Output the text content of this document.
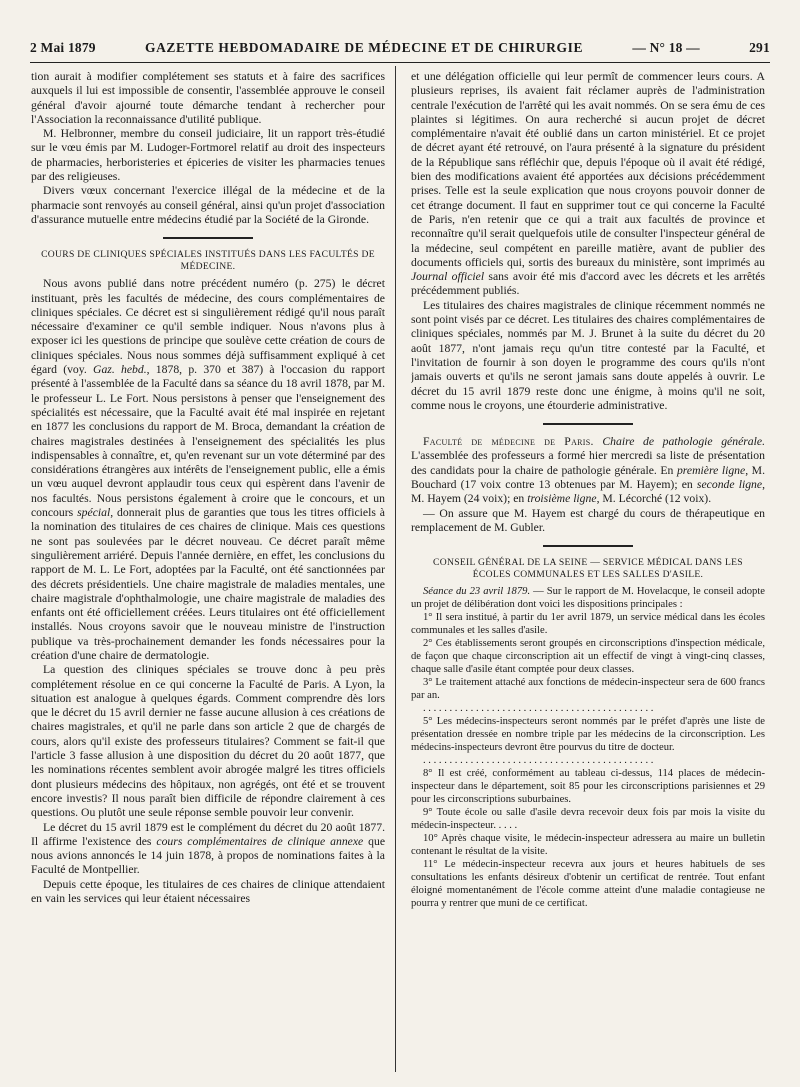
2 Mai 1879	GAZETTE HEBDOMADAIRE DE MÉDECINE ET DE CHIRURGIE	— N° 18 —	291

tion aurait à modifier complétement ses statuts et à faire des sacrifices auxquels il lui est impossible de consentir, l'assemblée approuve le conseil général d'avoir ajourné toute démarche tendant à rechercher pour l'Association la reconnaissance d'utilité publique.

M. Helbronner, membre du conseil judiciaire, lit un rapport très-étudié sur le vœu émis par M. Ludoger-Fortmorel relatif au droit des inspecteurs de pharmacies, herboristeries et épiceries de visiter les pharmacies tenues par des religieuses.

Divers vœux concernant l'exercice illégal de la médecine et de la pharmacie sont renvoyés au conseil général, ainsi qu'un projet d'association d'assurance mutuelle entre médecins étudié par la Société de la Gironde.

COURS DE CLINIQUES SPÉCIALES INSTITUÉS DANS LES FACULTÉS DE MÉDECINE.

Nous avons publié dans notre précédent numéro (p. 275) le décret instituant, près les facultés de médecine, des cours complémentaires de cliniques spéciales. Ce décret est si singulièrement rédigé qu'il nous paraît nécessaire d'examiner ce qu'il semble indiquer. Nous n'avons plus à exposer ici les questions de principe que soulève cette création de cours de cliniques spéciales. Nous nous sommes déjà suffisamment expliqué à cet égard (voy. Gaz. hebd., 1878, p. 370 et 387) à l'occasion du rapport présenté à l'assemblée de la Faculté dans sa séance du 18 avril 1878, par M. le professeur L. Le Fort. Nous persistons à penser que l'enseignement des spécialités est nécessaire, que la Faculté avait été mal inspirée en rejetant en 1877 les conclusions du rapport de M. Broca, demandant la création de chaires magistrales destinées à l'enseignement des spécialités les plus indispensables à connaître, et, qu'en revenant sur un vote déterminé par des considérations étrangères aux intérêts de l'enseignement public, elle a émis un vœu auquel devront applaudir tous ceux qui espèrent dans l'avenir de nos facultés. Nous persistons également à croire que le concours, et un concours spécial, donnerait plus de garanties que tous les titres officiels à la nomination des titulaires de ces chaires de clinique. Mais ces questions ne sont pas soulevées par le décret nouveau. Ce décret paraît même singulièrement arriéré. Depuis l'année dernière, en effet, les conclusions du rapport de M. L. Le Fort, adoptées par la Faculté, ont été sanctionnées par des décrets présidentiels. Une chaire magistrale de maladies mentales, une chaire magistrale d'ophthalmologie, une chaire magistrale de maladies des enfants ont été officiellement créées. Leurs titulaires ont été officiellement installés. Nous croyons savoir que le nouveau ministre de l'instruction publique va très-prochainement demander les fonds nécessaires pour la création d'une chaire de dermatologie.

La question des cliniques spéciales se trouve donc à peu près complétement résolue en ce qui concerne la Faculté de Paris. A Lyon, la situation est analogue à quelques égards. Comment comprendre dès lors que le décret du 15 avril dernier ne fasse aucune allusion à ces créations de chaires magistrales, et qu'il ne parle dans son article 2 que de chargés de cours, alors qu'il existe des professeurs titulaires? Comment se fait-il que l'article 3 fasse allusion à une disposition du décret du 20 août 1877, que les nominations récentes semblent avoir abrogée malgré les titres officiels dont plusieurs médecins des hôpitaux, non agrégés, ont été et se trouvent encore investis? Il nous paraît bien difficile de répondre clairement à ces questions. Ou plutôt une seule réponse semble pouvoir leur convenir.

Le décret du 15 avril 1879 est le complément du décret du 20 août 1877. Il affirme l'existence des cours complémentaires de clinique annexe que nous avions annoncés le 14 juin 1878, à propos de nominations faites à la Faculté de Montpellier.

Depuis cette époque, les titulaires de ces chaires de clinique attendaient en vain les services qui leur étaient nécessaires

et une délégation officielle qui leur permît de commencer leurs cours. A plusieurs reprises, ils avaient fait réclamer auprès de l'administration centrale l'exécution de l'arrêté qui les avait nommés. On se sera ému de ces plaintes si légitimes. On aura recherché si aucun projet de décret complémentaire n'avait été oublié dans un carton ministériel. Et ce projet de décret ayant été retrouvé, on l'aura présenté à la signature du président de la République sans réfléchir que, depuis l'époque où il avait été rédigé, bien des modifications avaient été apportées aux décisions précédemment prises. Telle est la seule explication que nous croyons pouvoir donner de cet étrange document. Il faut en supprimer tout ce qui concerne la Faculté de Paris, n'en retenir que ce qui a trait aux facultés de province et reconnaître qu'il serait quelquefois utile de consulter l'inspecteur général de la médecine, seul compétent en pareille matière, avant de publier des documents officiels qui, sortis des bureaux du ministère, sont imprimés au Journal officiel sans avoir été mis d'accord avec les décrets et les arrêtés précédemment publiés.

Les titulaires des chaires magistrales de clinique récemment nommés ne sont point visés par ce décret. Les titulaires des chaires complémentaires de cliniques spéciales, nommés par M. J. Brunet à la suite du décret du 20 août 1877, n'ont jamais reçu qu'un titre contesté par la Faculté, et l'invitation de fournir à son doyen le programme des cours qu'ils n'ont jamais ouverts et qu'ils ne seront jamais sans doute appelés à ouvrir. Le décret du 15 avril 1879 reste donc une énigme, à moins qu'il ne soit, comme nous le croyons, une étourderie administrative.

Faculté de médecine de Paris. Chaire de pathologie générale. L'assemblée des professeurs a formé hier mercredi sa liste de présentation des candidats pour la chaire de pathologie générale. En première ligne, M. Bouchard (17 voix contre 13 obtenues par M. Hayem); en seconde ligne, M. Hayem (24 voix); en troisième ligne, M. Lécorché (12 voix).

— On assure que M. Hayem est chargé du cours de thérapeutique en remplacement de M. Gubler.

CONSEIL GÉNÉRAL DE LA SEINE — SERVICE MÉDICAL DANS LES ÉCOLES COMMUNALES ET LES SALLES D'ASILE.

Séance du 23 avril 1879. — Sur le rapport de M. Hovelacque, le conseil adopte un projet de délibération dont voici les dispositions principales :

1° Il sera institué, à partir du 1er avril 1879, un service médical dans les écoles communales et les salles d'asile.

2° Ces établissements seront groupés en circonscriptions d'inspection médicale, de façon que chaque circonscription ait un effectif de vingt à vingt-cinq classes, chaque salle d'asile étant comptée pour deux classes.

3° Le traitement attaché aux fonctions de médecin-inspecteur sera de 600 francs par an.

. . . . . . . . . . . . . . . . . . . . . . . . . . . . . . . . . . . . . . . . . . . .

5° Les médecins-inspecteurs seront nommés par le préfet d'après une liste de présentation dressée en nombre triple par les médecins de la circonscription. Les médecins-inspecteurs devront être pourvus du titre de docteur.

. . . . . . . . . . . . . . . . . . . . . . . . . . . . . . . . . . . . . . . . . . . .

8° Il est créé, conformément au tableau ci-dessus, 114 places de médecin-inspecteur dans le département, soit 85 pour les circonscriptions parisiennes et 29 pour les circonscriptions suburbaines.

9° Toute école ou salle d'asile devra recevoir deux fois par mois la visite du médecin-inspecteur. . . . .

10° Après chaque visite, le médecin-inspecteur adressera au maire un bulletin contenant le résultat de la visite.

11° Le médecin-inspecteur recevra aux jours et heures habituels de ses consultations les enfants désireux d'obtenir un certificat de rentrée. Tout enfant éloigné momentanément de l'école comme atteint d'une maladie contagieuse ne pourra y rentrer que muni de ce certificat.
